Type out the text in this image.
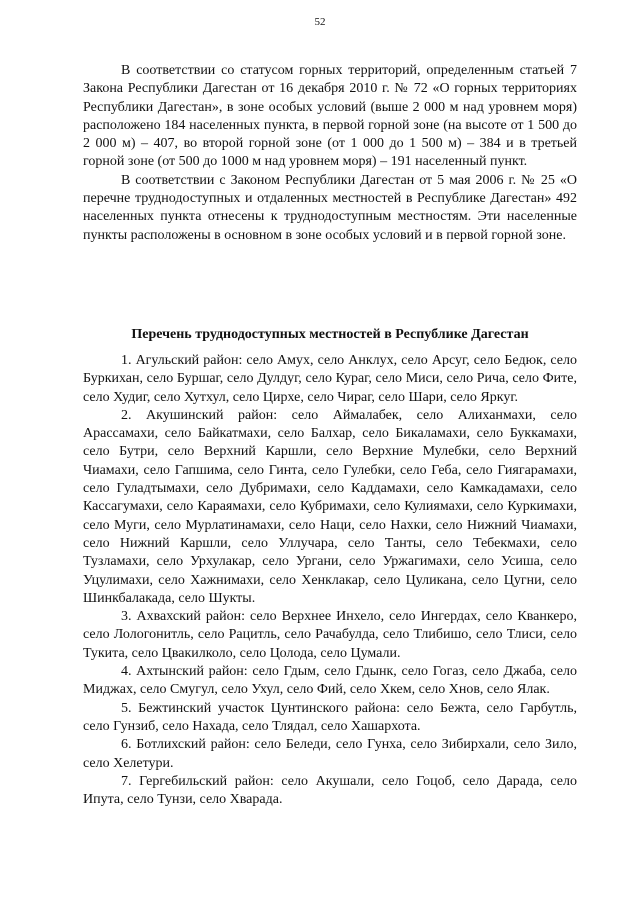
52

В соответствии со статусом горных территорий, определенным статьей 7 Закона Республики Дагестан от 16 декабря 2010 г. № 72 «О горных территориях Республики Дагестан», в зоне особых условий (выше 2 000 м над уровнем моря) расположено 184 населенных пункта, в первой горной зоне (на высоте от 1 500 до 2 000 м) – 407, во второй горной зоне (от 1 000 до 1 500 м) – 384 и в третьей горной зоне (от 500 до 1000 м над уровнем моря) – 191 населенный пункт.

В соответствии с Законом Республики Дагестан от 5 мая 2006 г. № 25 «О перечне труднодоступных и отдаленных местностей в Республике Дагестан» 492 населенных пункта отнесены к труднодоступным местностям. Эти населенные пункты расположены в основном в зоне особых условий и в первой горной зоне.

Перечень труднодоступных местностей в Республике Дагестан

1. Агульский район: село Амух, село Анклух, село Арсуг, село Бедюк, село Буркихан, село Буршаг, село Дулдуг, село Кураг, село Миси, село Рича, село Фите, село Худиг, село Хутхул, село Цирхе, село Чираг, село Шари, село Яркуг.

2. Акушинский район: село Аймалабек, село Алиханмахи, село Арассамахи, село Байкатмахи, село Балхар, село Бикаламахи, село Буккамахи, село Бутри, село Верхний Каршли, село Верхние Мулебки, село Верхний Чиамахи, село Гапшима, село Гинта, село Гулебки, село Геба, село Гиягарамахи, село Гуладтымахи, село Дубримахи, село Каддамахи, село Камкадамахи, село Кассагумахи, село Караямахи, село Кубримахи, село Кулиямахи, село Куркимахи, село Муги, село Мурлатинамахи, село Наци, село Нахки, село Нижний Чиамахи, село Нижний Каршли, село Уллучара, село Танты, село Тебекмахи, село Тузламахи, село Урхулакар, село Ургани, село Уржагимахи, село Усиша, село Уцулимахи, село Хажнимахи, село Хенклакар, село Цуликана, село Цугни, село Шинкбалакада, село Шукты.

3. Ахвахский район: село Верхнее Инхело, село Ингердах, село Кванкеро, село Лологонитль, село Рацитль, село Рачабулда, село Тлибишо, село Тлиси, село Тукита, село Цвакилколо, село Цолода, село Цумали.

4. Ахтынский район: село Гдым, село Гдынк, село Гогаз, село Джаба, село Миджах, село Смугул, село Ухул, село Фий, село Хкем, село Хнов, село Ялак.

5. Бежтинский участок Цунтинского района: село Бежта, село Гарбутль, село Гунзиб, село Нахада, село Тлядал, село Хашархота.

6. Ботлихский район: село Беледи, село Гунха, село Зибирхали, село Зило, село Хелетури.

7. Гергебильский район: село Акушали, село Гоцоб, село Дарада, село Ипута, село Тунзи, село Хварада.
